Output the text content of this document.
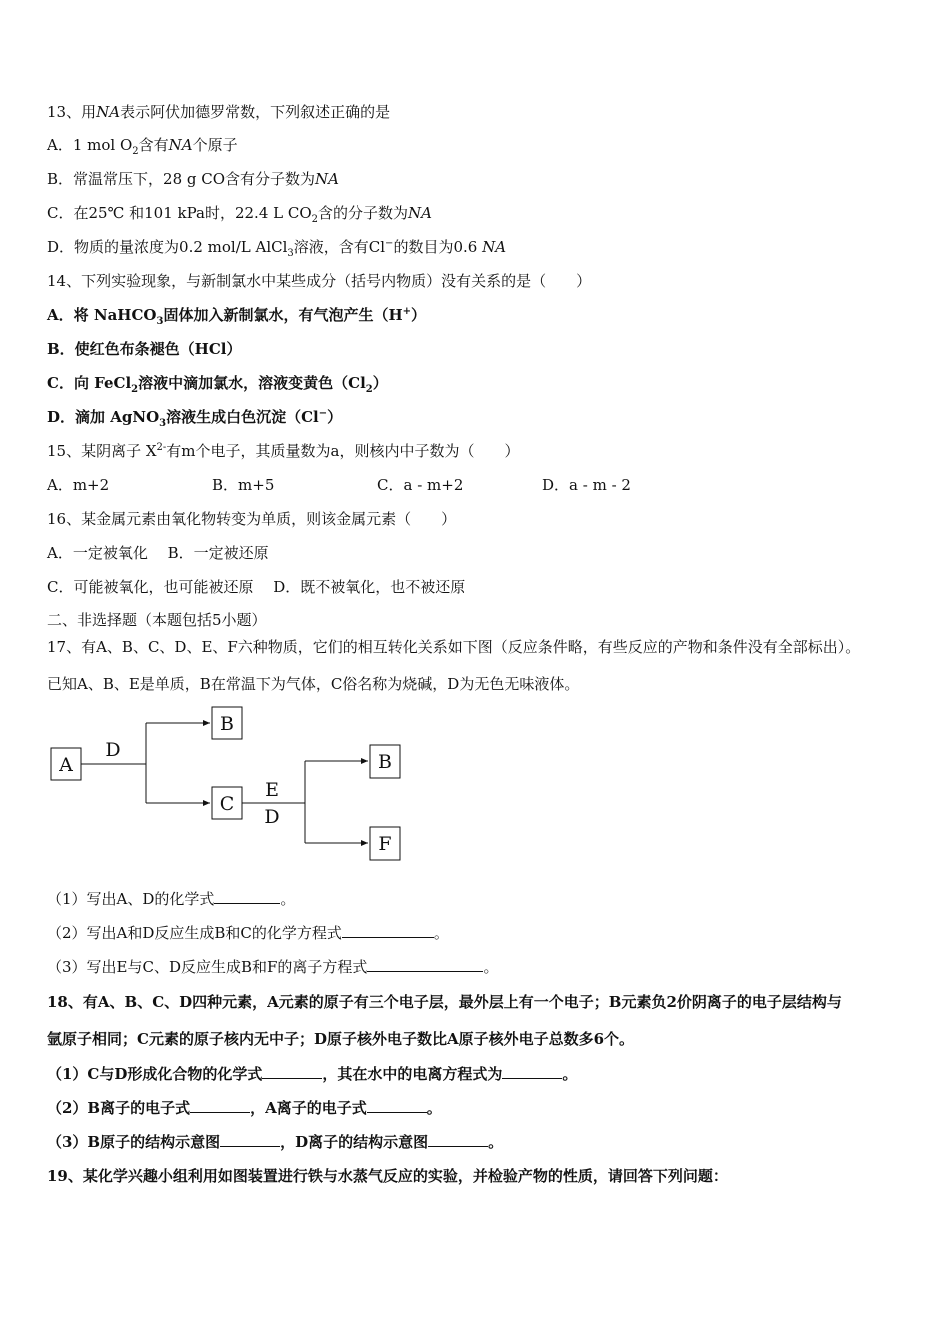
13、用NA表示阿伏加德罗常数，下列叙述正确的是
A．1 mol $O_2$含有NA个原子
B．常温常压下，28 g CO含有分子数为NA
C．在25℃ 和101 kPa时，22.4 L $CO_2$含的分子数为NA
D．物质的量浓度为0.2 mol/L AlCl$_3$溶液，含有Cl−的数目为0.6 NA
14、下列实验现象，与新制氯水中某些成分（括号内物质）没有关系的是（　　）
A．将 NaHCO$_3$固体加入新制氯水，有气泡产生（H+）
B．使红色布条褪色（HCl）
C．向 FeCl$_2$溶液中滴加氯水，溶液变黄色$(Cl_2)$
D．滴加 AgNO$_3$溶液生成白色沉淀（Cl−）
15、某阴离子 $X^{2-}$有m个电子，其质量数为a，则核内中子数为（　　）
A．m+2	B．m+5	C．a - m+2	D．a - m - 2
16、某金属元素由氧化物转变为单质，则该金属元素（　　）
A．一定被氧化　 B．一定被还原
C．可能被氧化，也可能被还原　 D．既不被氧化，也不被还原
二、非选择题（本题包括5小题）
17、有A、B、C、D、E、F六种物质，它们的相互转化关系如下图（反应条件略，有些反应的产物和条件没有全部标出）。
已知A、B、E是单质，B在常温下为气体，C俗名称为烧碱，D为无色无味液体。
A
B
C
B
F
D
E
D
（1）写出A、D的化学式	。
（2）写出A和D反应生成B和C的化学方程式	。
（3）写出E与C、D反应生成B和F的离子方程式	。
18、有A、B、C、D四种元素，A元素的原子有三个电子层，最外层上有一个电子；B元素负2价阴离子的电子层结构与
氩原子相同；C元素的原子核内无中子；D原子核外电子数比A原子核外电子总数多6个。
（1）C与D形成化合物的化学式	，其在水中的电离方程式为	。
（2）B离子的电子式	，A离子的电子式	。
（3）B原子的结构示意图	，D离子的结构示意图	。
19、某化学兴趣小组利用如图装置进行铁与水蒸气反应的实验，并检验产物的性质，请回答下列问题：
